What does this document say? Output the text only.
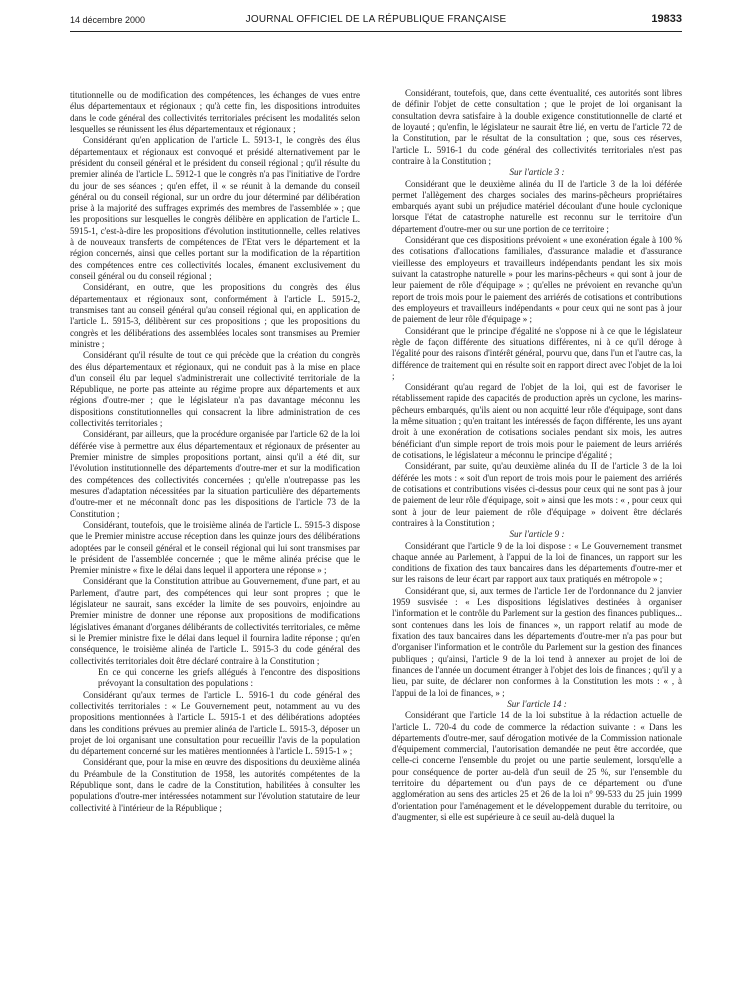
14 décembre 2000	JOURNAL OFFICIEL DE LA RÉPUBLIQUE FRANÇAISE	19833

titutionnelle ou de modification des compétences, les échanges de vues entre élus départementaux et régionaux ; qu'à cette fin, les dispositions introduites dans le code général des collectivités territoriales précisent les modalités selon lesquelles se réunissent les élus départementaux et régionaux ;

Considérant qu'en application de l'article L. 5913-1, le congrès des élus départementaux et régionaux est convoqué et présidé alternativement par le président du conseil général et le président du conseil régional ; qu'il résulte du premier alinéa de l'article L. 5912-1 que le congrès n'a pas l'initiative de l'ordre du jour de ses séances ; qu'en effet, il « se réunit à la demande du conseil général ou du conseil régional, sur un ordre du jour déterminé par délibération prise à la majorité des suffrages exprimés des membres de l'assemblée » ; que les propositions sur lesquelles le congrès délibère en application de l'article L. 5915-1, c'est-à-dire les propositions d'évolution institutionnelle, celles relatives à de nouveaux transferts de compétences de l'Etat vers le département et la région concernés, ainsi que celles portant sur la modification de la répartition des compétences entre ces collectivités locales, émanent exclusivement du conseil général ou du conseil régional ;

Considérant, en outre, que les propositions du congrès des élus départementaux et régionaux sont, conformément à l'article L. 5915-2, transmises tant au conseil général qu'au conseil régional qui, en application de l'article L. 5915-3, délibèrent sur ces propositions ; que les propositions du congrès et les délibérations des assemblées locales sont transmises au Premier ministre ;

Considérant qu'il résulte de tout ce qui précède que la création du congrès des élus départementaux et régionaux, qui ne conduit pas à la mise en place d'un conseil élu par lequel s'administrerait une collectivité territoriale de la République, ne porte pas atteinte au régime propre aux départements et aux régions d'outre-mer ; que le législateur n'a pas davantage méconnu les dispositions constitutionnelles qui consacrent la libre administration de ces collectivités territoriales ;

Considérant, par ailleurs, que la procédure organisée par l'article 62 de la loi déférée vise à permettre aux élus départementaux et régionaux de présenter au Premier ministre de simples propositions portant, ainsi qu'il a été dit, sur l'évolution institutionnelle des départements d'outre-mer et sur la modification des compétences des collectivités concernées ; qu'elle n'outrepasse pas les mesures d'adaptation nécessitées par la situation particulière des départements d'outre-mer et ne méconnaît donc pas les dispositions de l'article 73 de la Constitution ;

Considérant, toutefois, que le troisième alinéa de l'article L. 5915-3 dispose que le Premier ministre accuse réception dans les quinze jours des délibérations adoptées par le conseil général et le conseil régional qui lui sont transmises par le président de l'assemblée concernée ; que le même alinéa précise que le Premier ministre « fixe le délai dans lequel il apportera une réponse » ;

Considérant que la Constitution attribue au Gouvernement, d'une part, et au Parlement, d'autre part, des compétences qui leur sont propres ; que le législateur ne saurait, sans excéder la limite de ses pouvoirs, enjoindre au Premier ministre de donner une réponse aux propositions de modifications législatives émanant d'organes délibérants de collectivités territoriales, ce même si le Premier ministre fixe le délai dans lequel il fournira ladite réponse ; qu'en conséquence, le troisième alinéa de l'article L. 5915-3 du code général des collectivités territoriales doit être déclaré contraire à la Constitution ;

En ce qui concerne les griefs allégués à l'encontre des dispositions prévoyant la consultation des populations :

Considérant qu'aux termes de l'article L. 5916-1 du code général des collectivités territoriales : « Le Gouvernement peut, notamment au vu des propositions mentionnées à l'article L. 5915-1 et des délibérations adoptées dans les conditions prévues au premier alinéa de l'article L. 5915-3, déposer un projet de loi organisant une consultation pour recueillir l'avis de la population du département concerné sur les matières mentionnées à l'article L. 5915-1 » ;

Considérant que, pour la mise en œuvre des dispositions du deuxième alinéa du Préambule de la Constitution de 1958, les autorités compétentes de la République sont, dans le cadre de la Constitution, habilitées à consulter les populations d'outre-mer intéressées notamment sur l'évolution statutaire de leur collectivité à l'intérieur de la République ;

Considérant, toutefois, que, dans cette éventualité, ces autorités sont libres de définir l'objet de cette consultation ; que le projet de loi organisant la consultation devra satisfaire à la double exigence constitutionnelle de clarté et de loyauté ; qu'enfin, le législateur ne saurait être lié, en vertu de l'article 72 de la Constitution, par le résultat de la consultation ; que, sous ces réserves, l'article L. 5916-1 du code général des collectivités territoriales n'est pas contraire à la Constitution ;

Sur l'article 3 :

Considérant que le deuxième alinéa du II de l'article 3 de la loi déférée permet l'allègement des charges sociales des marins-pêcheurs propriétaires embarqués ayant subi un préjudice matériel découlant d'une houle cyclonique lorsque l'état de catastrophe naturelle est reconnu sur le territoire d'un département d'outre-mer ou sur une portion de ce territoire ;

Considérant que ces dispositions prévoient « une exonération égale à 100 % des cotisations d'allocations familiales, d'assurance maladie et d'assurance vieillesse des employeurs et travailleurs indépendants pendant les six mois suivant la catastrophe naturelle » pour les marins-pêcheurs « qui sont à jour de leur paiement de rôle d'équipage » ; qu'elles ne prévoient en revanche qu'un report de trois mois pour le paiement des arriérés de cotisations et contributions des employeurs et travailleurs indépendants « pour ceux qui ne sont pas à jour de paiement de leur rôle d'équipage » ;

Considérant que le principe d'égalité ne s'oppose ni à ce que le législateur règle de façon différente des situations différentes, ni à ce qu'il déroge à l'égalité pour des raisons d'intérêt général, pourvu que, dans l'un et l'autre cas, la différence de traitement qui en résulte soit en rapport direct avec l'objet de la loi ;

Considérant qu'au regard de l'objet de la loi, qui est de favoriser le rétablissement rapide des capacités de production après un cyclone, les marins-pêcheurs embarqués, qu'ils aient ou non acquitté leur rôle d'équipage, sont dans la même situation ; qu'en traitant les intéressés de façon différente, les uns ayant droit à une exonération de cotisations sociales pendant six mois, les autres bénéficiant d'un simple report de trois mois pour le paiement de leurs arriérés de cotisations, le législateur a méconnu le principe d'égalité ;

Considérant, par suite, qu'au deuxième alinéa du II de l'article 3 de la loi déférée les mots : « soit d'un report de trois mois pour le paiement des arriérés de cotisations et contributions visées ci-dessus pour ceux qui ne sont pas à jour de paiement de leur rôle d'équipage, soit » ainsi que les mots : « , pour ceux qui sont à jour de leur paiement de rôle d'équipage » doivent être déclarés contraires à la Constitution ;

Sur l'article 9 :

Considérant que l'article 9 de la loi dispose : « Le Gouvernement transmet chaque année au Parlement, à l'appui de la loi de finances, un rapport sur les conditions de fixation des taux bancaires dans les départements d'outre-mer et sur les raisons de leur écart par rapport aux taux pratiqués en métropole » ;

Considérant que, si, aux termes de l'article 1er de l'ordonnance du 2 janvier 1959 susvisée : « Les dispositions législatives destinées à organiser l'information et le contrôle du Parlement sur la gestion des finances publiques... sont contenues dans les lois de finances », un rapport relatif au mode de fixation des taux bancaires dans les départements d'outre-mer n'a pas pour but d'organiser l'information et le contrôle du Parlement sur la gestion des finances publiques ; qu'ainsi, l'article 9 de la loi tend à annexer au projet de loi de finances de l'année un document étranger à l'objet des lois de finances ; qu'il y a lieu, par suite, de déclarer non conformes à la Constitution les mots : « , à l'appui de la loi de finances, » ;

Sur l'article 14 :

Considérant que l'article 14 de la loi substitue à la rédaction actuelle de l'article L. 720-4 du code de commerce la rédaction suivante : « Dans les départements d'outre-mer, sauf dérogation motivée de la Commission nationale d'équipement commercial, l'autorisation demandée ne peut être accordée, que celle-ci concerne l'ensemble du projet ou une partie seulement, lorsqu'elle a pour conséquence de porter au-delà d'un seuil de 25 %, sur l'ensemble du territoire du département ou d'un pays de ce département ou d'une agglomération au sens des articles 25 et 26 de la loi n° 99-533 du 25 juin 1999 d'orientation pour l'aménagement et le développement durable du territoire, ou d'augmenter, si elle est supérieure à ce seuil au-delà duquel la
